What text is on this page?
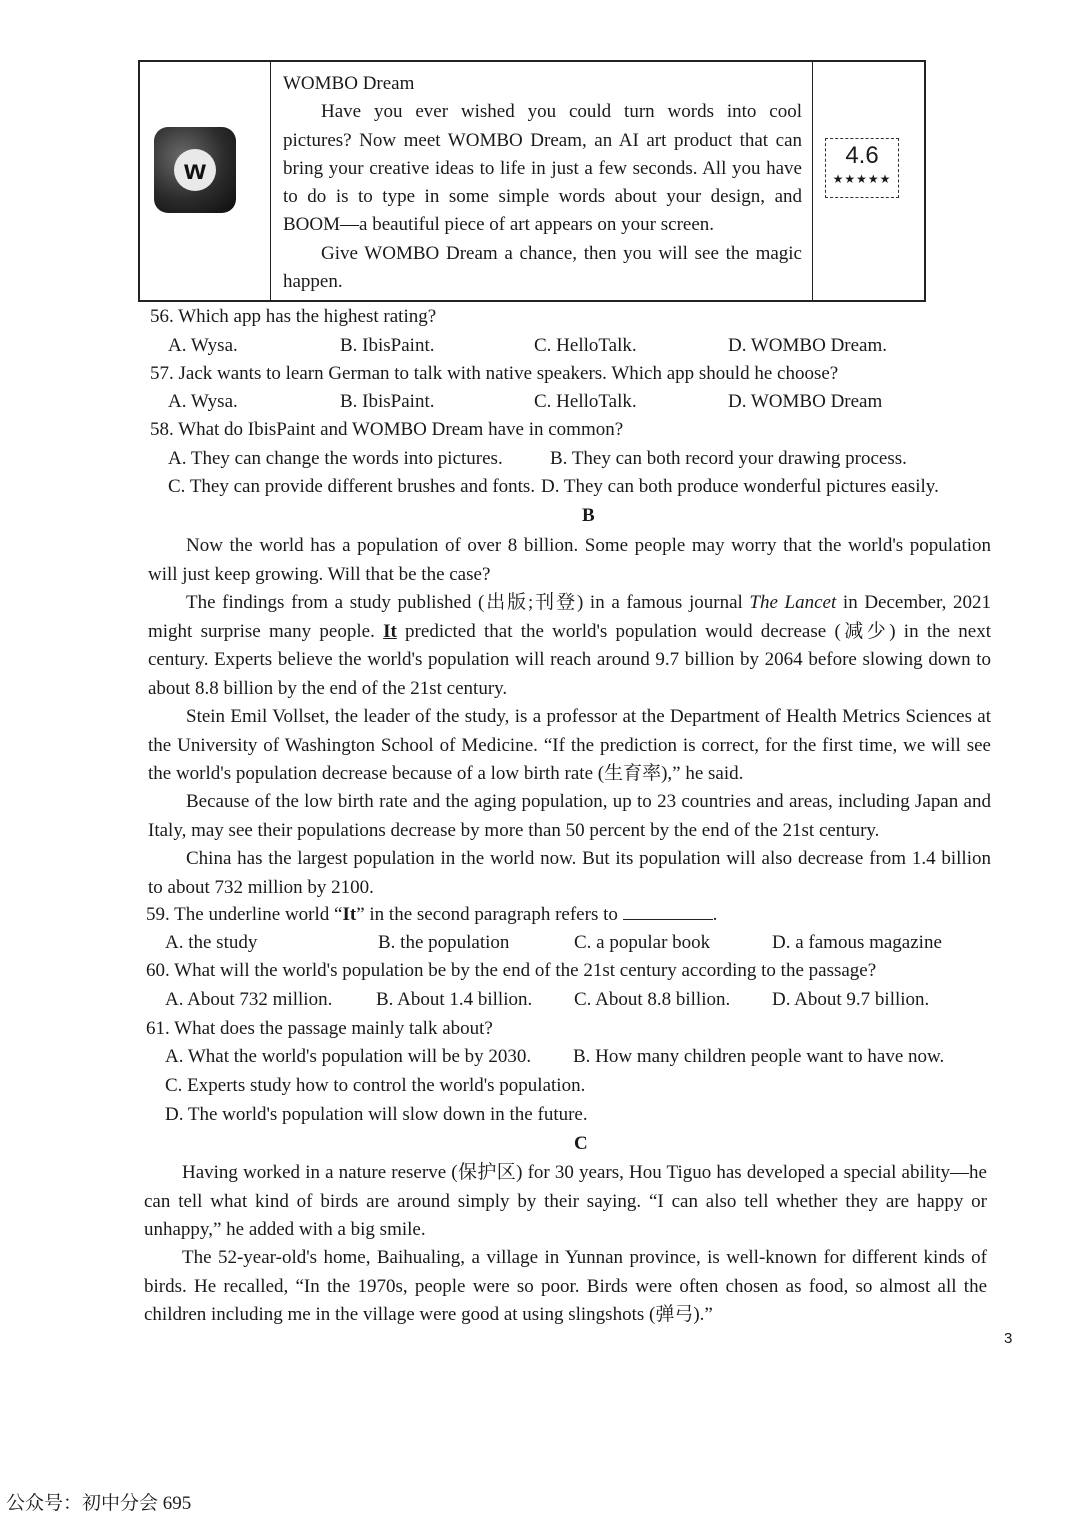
w

WOMBO Dream

Have you ever wished you could turn words into cool pictures? Now meet WOMBO Dream, an AI art product that can bring your creative ideas to life in just a few seconds. All you have to do is to type in some simple words about your design, and BOOM—a beautiful piece of art appears on your screen.

Give WOMBO Dream a chance, then you will see the magic happen.

4.6
★★★★★
56. Which app has the highest rating?
A. Wysa.	B. IbisPaint.	C. HelloTalk.	D. WOMBO Dream.
57. Jack wants to learn German to talk with native speakers. Which app should he choose?
A. Wysa.	B. IbisPaint.	C. HelloTalk.	D. WOMBO Dream
58. What do IbisPaint and WOMBO Dream have in common?
A. They can change the words into pictures. B. They can both record your drawing process.
C. They can provide different brushes and fonts. D. They can both produce wonderful pictures easily.
B

Now the world has a population of over 8 billion. Some people may worry that the world's population will just keep growing. Will that be the case?

The findings from a study published (出版;刊登) in a famous journal The Lancet in December, 2021 might surprise many people. It predicted that the world's population would decrease (减少) in the next century. Experts believe the world's population will reach around 9.7 billion by 2064 before slowing down to about 8.8 billion by the end of the 21st century.

Stein Emil Vollset, the leader of the study, is a professor at the Department of Health Metrics Sciences at the University of Washington School of Medicine. “If the prediction is correct, for the first time, we will see the world's population decrease because of a low birth rate (生育率),” he said.

Because of the low birth rate and the aging population, up to 23 countries and areas, including Japan and Italy, may see their populations decrease by more than 50 percent by the end of the 21st century.

China has the largest population in the world now. But its population will also decrease from 1.4 billion to about 732 million by 2100.

59. The underline world “It” in the second paragraph refers to	.
A. the study	B. the population	C. a popular book	D. a famous magazine
60. What will the world's population be by the end of the 21st century according to the passage?
A. About 732 million. B. About 1.4 billion. C. About 8.8 billion. D. About 9.7 billion.
61. What does the passage mainly talk about?
A. What the world's population will be by 2030. B. How many children people want to have now.
C. Experts study how to control the world's population.
D. The world's population will slow down in the future.
C

Having worked in a nature reserve (保护区) for 30 years, Hou Tiguo has developed a special ability—he can tell what kind of birds are around simply by their saying. “I can also tell whether they are happy or unhappy,” he added with a big smile.

The 52-year-old's home, Baihualing, a village in Yunnan province, is well-known for different kinds of birds. He recalled, “In the 1970s, people were so poor. Birds were often chosen as food, so almost all the children including me in the village were good at using slingshots (弹弓).”

3
公众号：初中分会 695
